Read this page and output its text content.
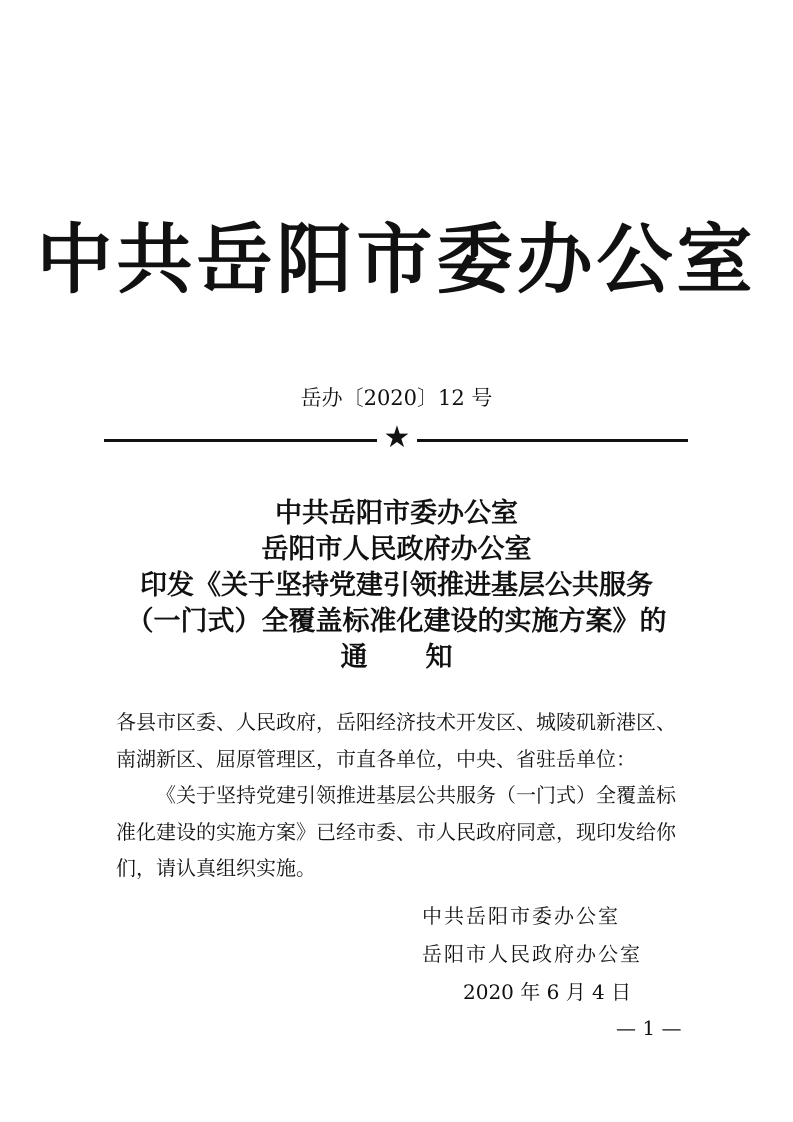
中共岳阳市委办公室
岳办〔2020〕12 号
★
中共岳阳市委办公室
岳阳市人民政府办公室
印发《关于坚持党建引领推进基层公共服务
（一门式）全覆盖标准化建设的实施方案》的
通知

各县市区委、人民政府，岳阳经济技术开发区、城陵矶新港区、南湖新区、屈原管理区，市直各单位，中央、省驻岳单位：

《关于坚持党建引领推进基层公共服务（一门式）全覆盖标准化建设的实施方案》已经市委、市人民政府同意，现印发给你们，请认真组织实施。

中共岳阳市委办公室
岳阳市人民政府办公室
2020 年 6 月 4 日
— 1 —
